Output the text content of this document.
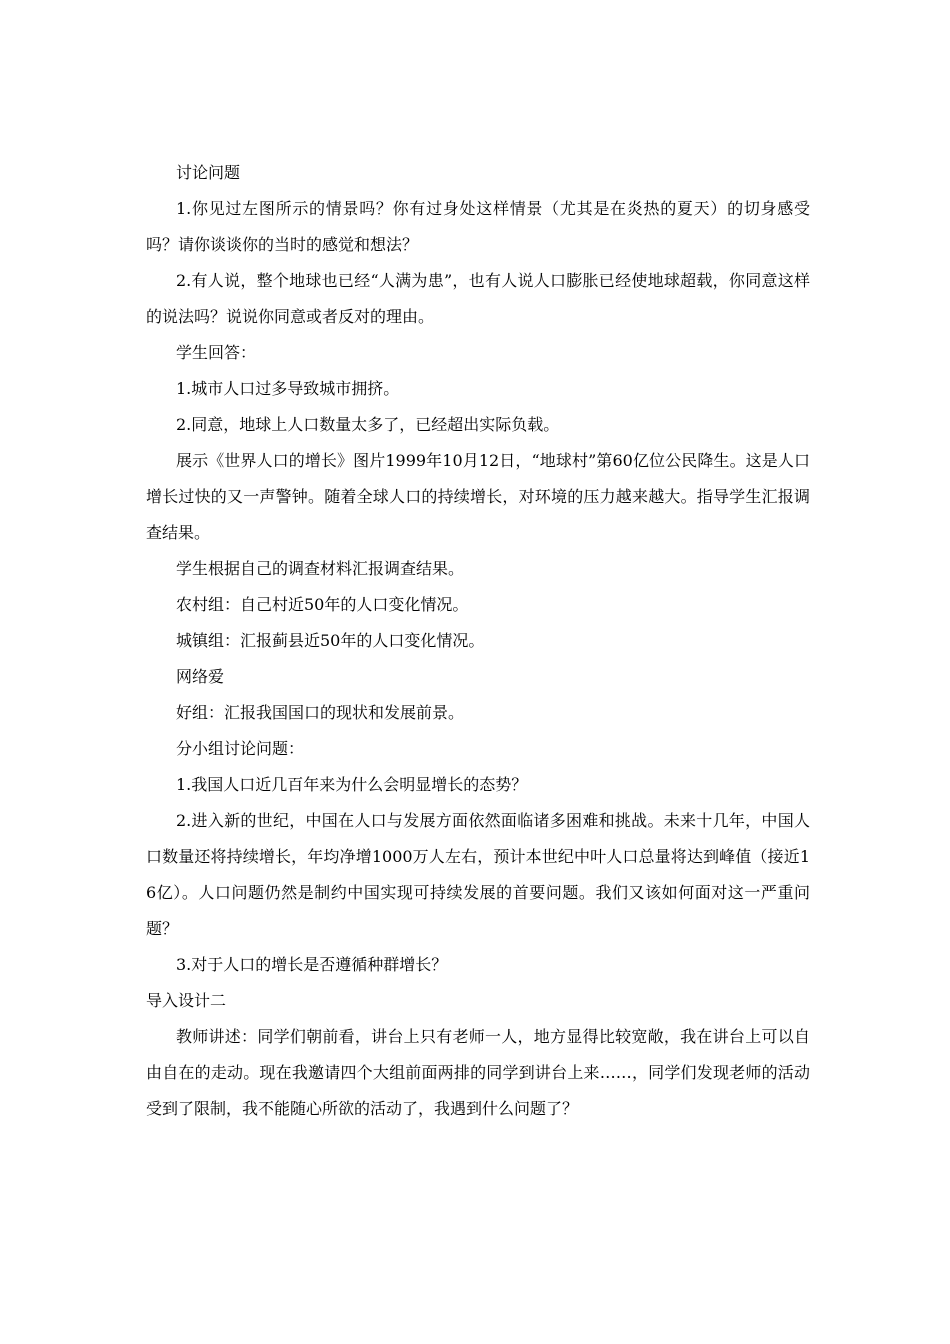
讨论问题

1.你见过左图所示的情景吗？你有过身处这样情景（尤其是在炎热的夏天）的切身感受吗？请你谈谈你的当时的感觉和想法？

2.有人说，整个地球也已经“人满为患”，也有人说人口膨胀已经使地球超载，你同意这样的说法吗？说说你同意或者反对的理由。

学生回答：

1.城市人口过多导致城市拥挤。

2.同意，地球上人口数量太多了，已经超出实际负载。

展示《世界人口的增长》图片1999年10月12日，“地球村”第60亿位公民降生。这是人口增长过快的又一声警钟。随着全球人口的持续增长，对环境的压力越来越大。指导学生汇报调查结果。

学生根据自己的调查材料汇报调查结果。

农村组：自己村近50年的人口变化情况。

城镇组：汇报蓟县近50年的人口变化情况。

网络爱

好组：汇报我国国口的现状和发展前景。

分小组讨论问题：

1.我国人口近几百年来为什么会明显增长的态势？

2.进入新的世纪，中国在人口与发展方面依然面临诸多困难和挑战。未来十几年，中国人口数量还将持续增长，年均净增1000万人左右，预计本世纪中叶人口总量将达到峰值（接近16亿）。人口问题仍然是制约中国实现可持续发展的首要问题。我们又该如何面对这一严重问题？

3.对于人口的增长是否遵循种群增长？

导入设计二

教师讲述：同学们朝前看，讲台上只有老师一人，地方显得比较宽敞，我在讲台上可以自由自在的走动。现在我邀请四个大组前面两排的同学到讲台上来……，同学们发现老师的活动受到了限制，我不能随心所欲的活动了，我遇到什么问题了？
